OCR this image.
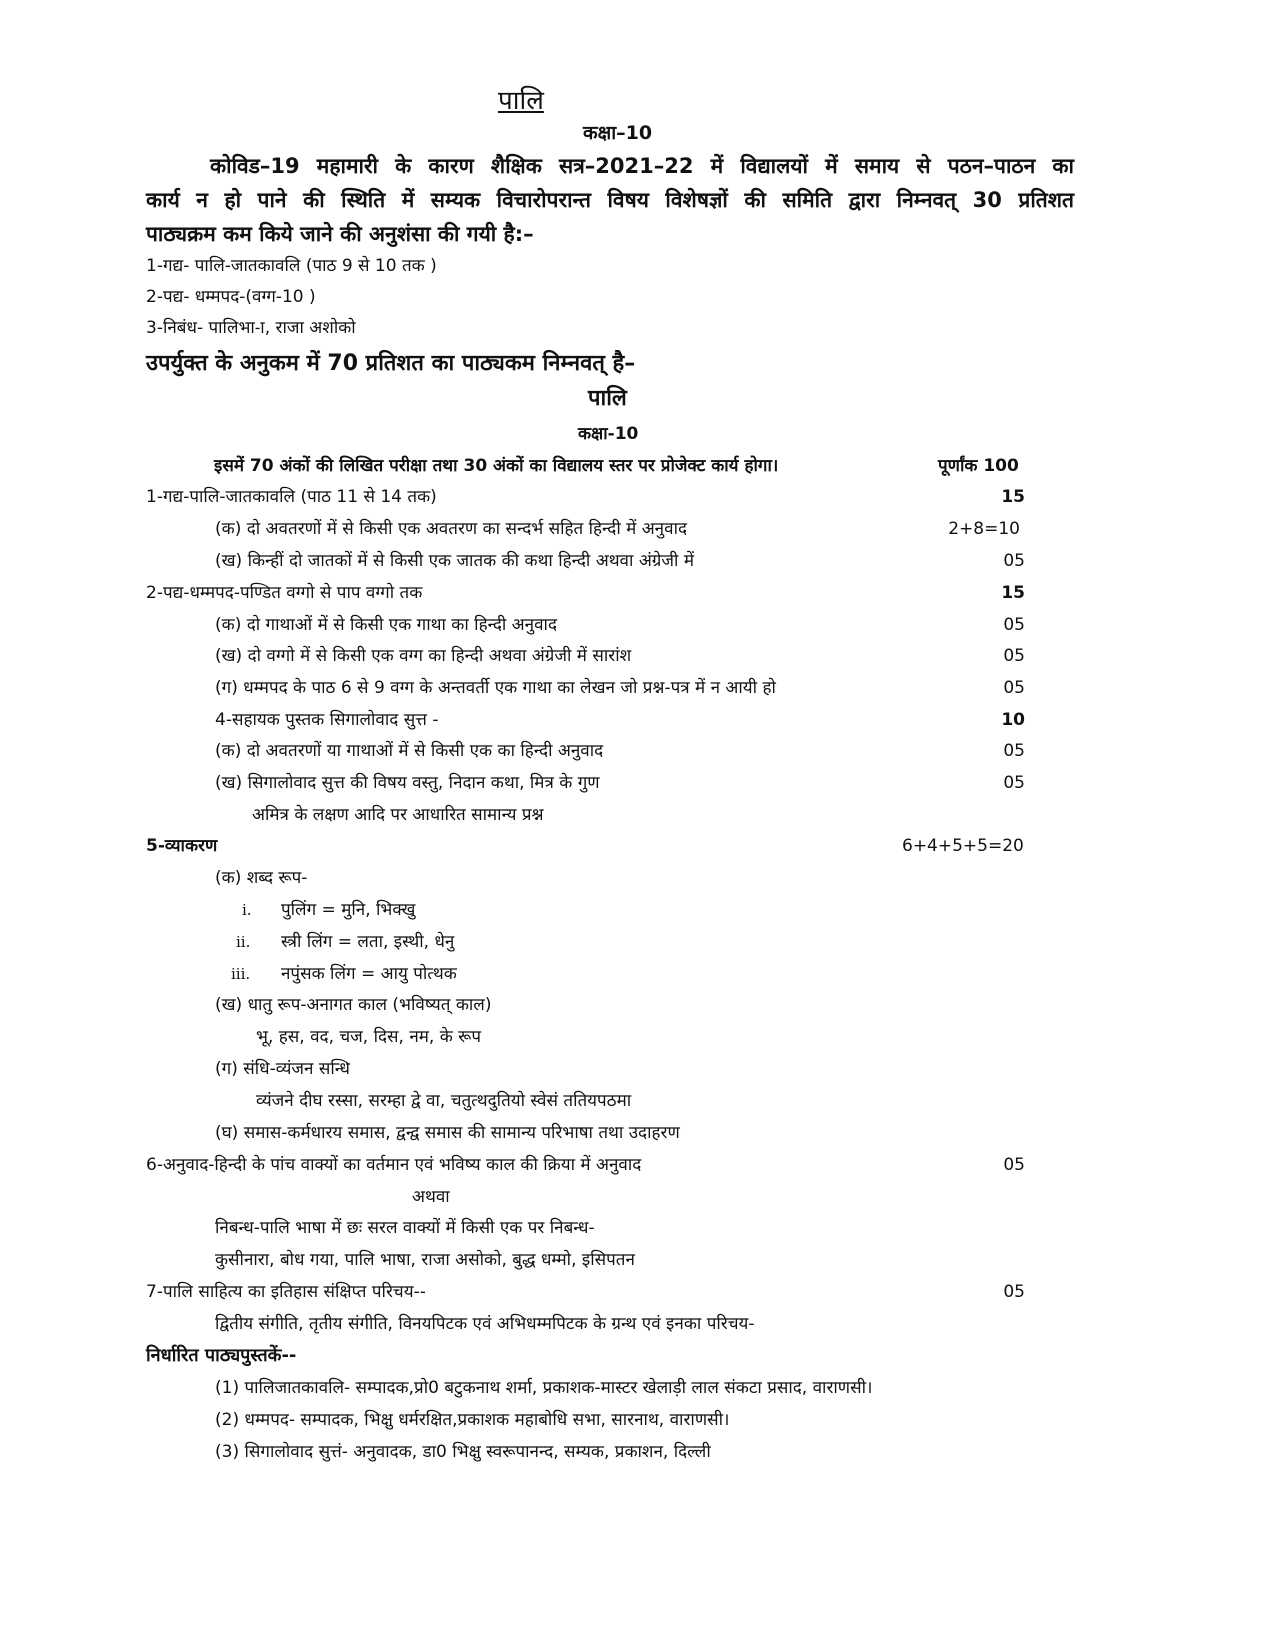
पालि
कक्षा–10
कोविड–19 महामारी के कारण शैक्षिक सत्र–2021–22 में विद्यालयों में समाय से पठन–पाठन का
कार्य न हो पाने की स्थिति में सम्यक विचारोपरान्त विषय विशेषज्ञों की समिति द्वारा निम्नवत् 30 प्रतिशत
पाठ्यक्रम कम किये जाने की अनुशंसा की गयी है:–
1-गद्य- पालि-जातकावलि (पाठ 9 से 10 तक )
2-पद्य- धम्मपद-(वग्ग-10 )
3-निबंध- पालिभा-ा, राजा अशोको
उपर्युक्त के अनुकम में 70 प्रतिशत का पाठ्यकम निम्नवत् है–
पालि
कक्षा-10
इसमें 70 अंकों की लिखित परीक्षा तथा 30 अंकों का विद्यालय स्तर पर प्रोजेक्ट कार्य होगा।	पूर्णांक 100
1-गद्य-पालि-जातकावलि (पाठ 11 से 14 तक)	15
(क) दो अवतरणों में से किसी एक अवतरण का सन्दर्भ सहित हिन्दी में अनुवाद	2+8=10
(ख) किन्हीं दो जातकों में से किसी एक जातक की कथा हिन्दी अथवा अंग्रेजी में	05
2-पद्य-धम्मपद-पण्डित वग्गो से पाप वग्गो तक	15
(क) दो गाथाओं में से किसी एक गाथा का हिन्दी अनुवाद	05
(ख) दो वग्गो में से किसी एक वग्ग का हिन्दी अथवा अंग्रेजी में सारांश	05
(ग) धम्मपद के पाठ 6 से 9 वग्ग के अन्तवर्ती एक गाथा का लेखन जो प्रश्न-पत्र में न आयी हो	05
4-सहायक पुस्तक सिगालोवाद सुत्त -	10
(क) दो अवतरणों या गाथाओं में से किसी एक का हिन्दी अनुवाद	05
(ख) सिगालोवाद सुत्त की विषय वस्तु, निदान कथा, मित्र के गुण	05
अमित्र के लक्षण आदि पर आधारित सामान्य प्रश्न
5-व्याकरण	6+4+5+5=20
(क) शब्द रूप-
i. पुलिंग = मुनि, भिक्खु
ii. स्त्री लिंग = लता, इस्थी, धेनु
iii. नपुंसक लिंग = आयु पोत्थक
(ख) धातु रूप-अनागत काल (भविष्यत् काल)
भू, हस, वद, चज, दिस, नम, के रूप
(ग) संधि-व्यंजन सन्धि
व्यंजने दीघ रस्सा, सरम्हा द्वे वा, चतुत्थदुतियो स्वेसं ततियपठमा
(घ) समास-कर्मधारय समास, द्वन्द्व समास की सामान्य परिभाषा तथा उदाहरण
6-अनुवाद-हिन्दी के पांच वाक्यों का वर्तमान एवं भविष्य काल की क्रिया में अनुवाद	05
अथवा
निबन्ध-पालि भाषा में छः सरल वाक्यों में किसी एक पर निबन्ध-
कुसीनारा, बोध गया, पालि भाषा, राजा असोको, बुद्ध धम्मो, इसिपतन
7-पालि साहित्य का इतिहास संक्षिप्त परिचय--	05
द्वितीय संगीति, तृतीय संगीति, विनयपिटक एवं अभिधम्मपिटक के ग्रन्थ एवं इनका परिचय-
निर्धारित पाठ्यपुस्तकें--
(1) पालिजातकावलि- सम्पादक,प्रो0 बटुकनाथ शर्मा, प्रकाशक-मास्टर खेलाड़ी लाल संकटा प्रसाद, वाराणसी।
(2) धम्मपद- सम्पादक, भिक्षु धर्मरक्षित,प्रकाशक महाबोधि सभा, सारनाथ, वाराणसी।
(3) सिगालोवाद सुत्तं- अनुवादक, डा0 भिक्षु स्वरूपानन्द, सम्यक, प्रकाशन, दिल्ली
